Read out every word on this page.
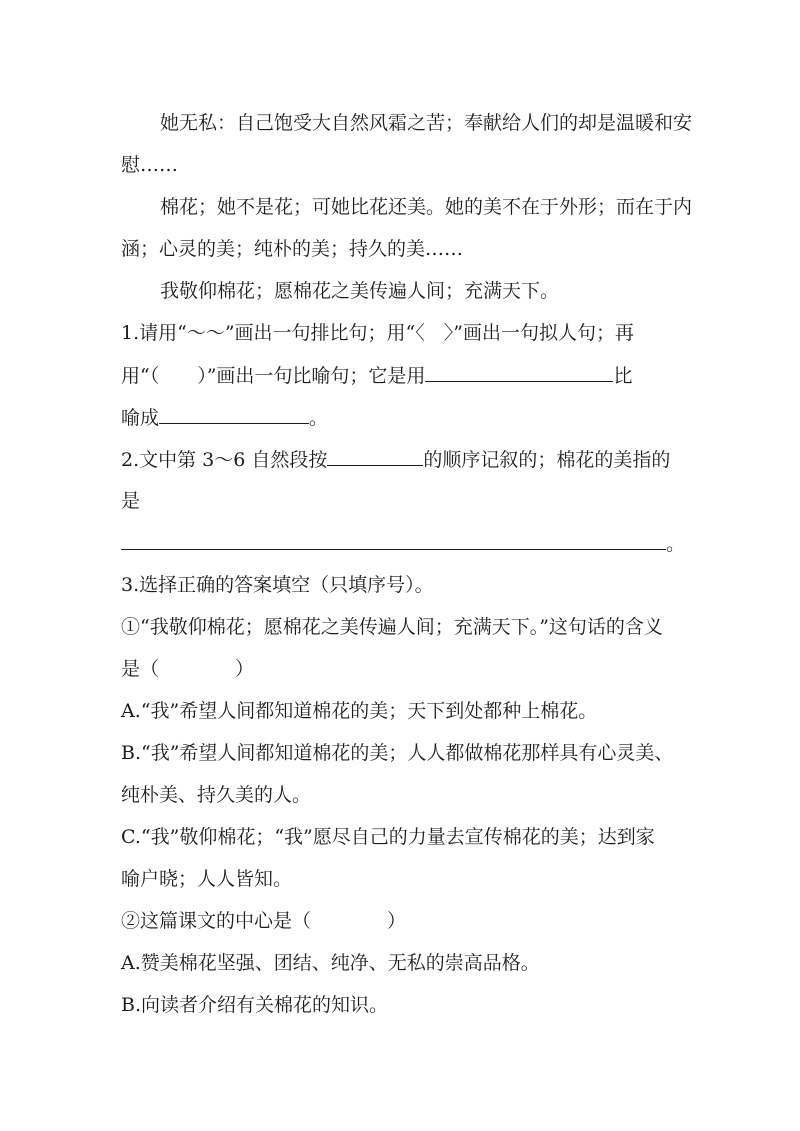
她无私：自己饱受大自然风霜之苦；奉献给人们的却是温暖和安
慰……
棉花；她不是花；可她比花还美。她的美不在于外形；而在于内
涵；心灵的美；纯朴的美；持久的美……
我敬仰棉花；愿棉花之美传遍人间；充满天下。
1.请用“～～”画出一句排比句；用“〈　〉”画出一句拟人句；再
用“（　　）”画出一句比喻句；它是用	比
喻成	。
2.文中第 3～6 自然段按	的顺序记叙的；棉花的美指的
是
。
3.选择正确的答案填空（只填序号）。
①“我敬仰棉花；愿棉花之美传遍人间；充满天下。”这句话的含义
是（　　　　）
A.“我”希望人间都知道棉花的美；天下到处都种上棉花。
B.“我”希望人间都知道棉花的美；人人都做棉花那样具有心灵美、
纯朴美、持久美的人。
C.“我”敬仰棉花；“我”愿尽自己的力量去宣传棉花的美；达到家
喻户晓；人人皆知。
②这篇课文的中心是（　　　　）
A.赞美棉花坚强、团结、纯净、无私的崇高品格。
B.向读者介绍有关棉花的知识。
